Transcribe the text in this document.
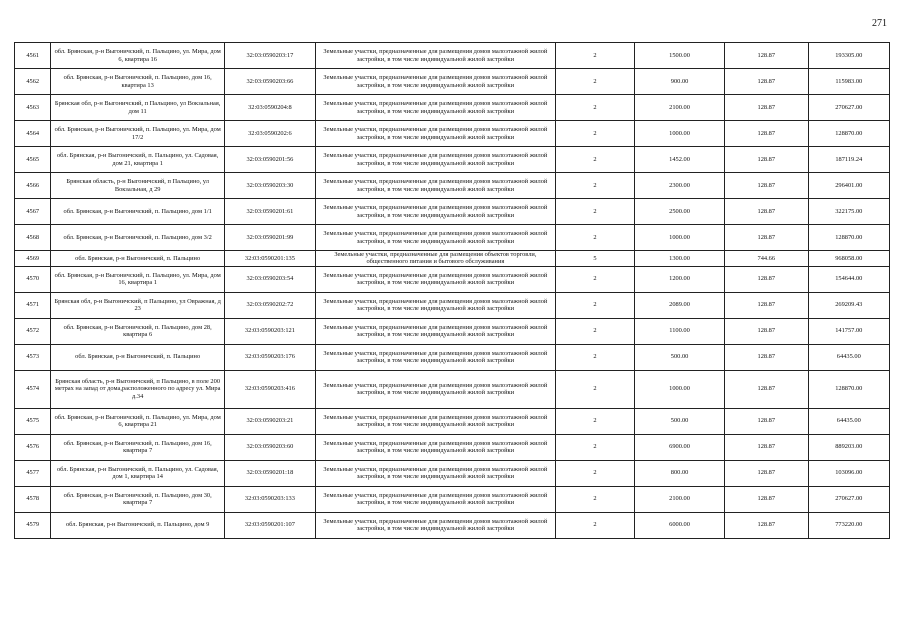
271
4561	обл. Брянская, р-н Выгоничский, п. Пальцино, ул. Мира, дом 6, квартира 16	32:03:0590203:17	Земельные участки, предназначенные для размещения домов малоэтажной жилой застройки, в том числе индивидуальной жилой застройки	2	1500.00	128.87	193305.00
4562	обл. Брянская, р-н Выгоничский, п. Пальцино, дом 16, квартира 13	32:03:0590203:66	Земельные участки, предназначенные для размещения домов малоэтажной жилой застройки, в том числе индивидуальной жилой застройки	2	900.00	128.87	115983.00
4563	Брянская обл, р-н Выгоничский, п Пальцино, ул Вокзальная, дом 11	32:03:0590204:8	Земельные участки, предназначенные для размещения домов малоэтажной жилой застройки, в том числе индивидуальной жилой застройки	2	2100.00	128.87	270627.00
4564	обл. Брянская, р-н Выгоничский, п. Пальцино, ул. Мира, дом 17/2	32:03:0590202:6	Земельные участки, предназначенные для размещения домов малоэтажной жилой застройки, в том числе индивидуальной жилой застройки	2	1000.00	128.87	128870.00
4565	обл. Брянская, р-н Выгоничский, п. Пальцино, ул. Садовая, дом 21, квартира 1	32:03:0590201:56	Земельные участки, предназначенные для размещения домов малоэтажной жилой застройки, в том числе индивидуальной жилой застройки	2	1452.00	128.87	187119.24
4566	Брянская область, р-н Выгоничский, п Пальцино, ул Вокзальная, д 29	32:03:0590203:30	Земельные участки, предназначенные для размещения домов малоэтажной жилой застройки, в том числе индивидуальной жилой застройки	2	2300.00	128.87	296401.00
4567	обл. Брянская, р-н Выгоничский, п. Пальцино, дом 1/1	32:03:0590201:61	Земельные участки, предназначенные для размещения домов малоэтажной жилой застройки, в том числе индивидуальной жилой застройки	2	2500.00	128.87	322175.00
4568	обл. Брянская, р-н Выгоничский, п. Пальцино, дом 3/2	32:03:0590201:99	Земельные участки, предназначенные для размещения домов малоэтажной жилой застройки, в том числе индивидуальной жилой застройки	2	1000.00	128.87	128870.00
4569	обл. Брянская, р-н Выгоничский, п. Пальцино	32:03:0590201:135	Земельные участки, предназначенные для размещения объектов торговли, общественного питания и бытового обслуживания	5	1300.00	744.66	968058.00
4570	обл. Брянская, р-н Выгоничский, п. Пальцино, ул. Мира, дом 16, квартира 1	32:03:0590203:54	Земельные участки, предназначенные для размещения домов малоэтажной жилой застройки, в том числе индивидуальной жилой застройки	2	1200.00	128.87	154644.00
4571	Брянская обл, р-н Выгоничский, п Пальцино, ул Овражная, д 23	32:03:0590202:72	Земельные участки, предназначенные для размещения домов малоэтажной жилой застройки, в том числе индивидуальной жилой застройки	2	2089.00	128.87	269209.43
4572	обл. Брянская, р-н Выгоничский, п. Пальцино, дом 28, квартира 6	32:03:0590203:121	Земельные участки, предназначенные для размещения домов малоэтажной жилой застройки, в том числе индивидуальной жилой застройки	2	1100.00	128.87	141757.00
4573	обл. Брянская, р-н Выгоничский, п. Пальцино	32:03:0590203:176	Земельные участки, предназначенные для размещения домов малоэтажной жилой застройки, в том числе индивидуальной жилой застройки	2	500.00	128.87	64435.00
4574	Брянская область, р-н Выгоничский, п Пальцино, в поле 200 метрах на запад от дома,расположенного по адресу ул. Мира д.34	32:03:0590203:416	Земельные участки, предназначенные для размещения домов малоэтажной жилой застройки, в том числе индивидуальной жилой застройки	2	1000.00	128.87	128870.00
4575	обл. Брянская, р-н Выгоничский, п. Пальцино, ул. Мира, дом 6, квартира 21	32:03:0590203:21	Земельные участки, предназначенные для размещения домов малоэтажной жилой застройки, в том числе индивидуальной жилой застройки	2	500.00	128.87	64435.00
4576	обл. Брянская, р-н Выгоничский, п. Пальцино, дом 16, квартира 7	32:03:0590203:60	Земельные участки, предназначенные для размещения домов малоэтажной жилой застройки, в том числе индивидуальной жилой застройки	2	6900.00	128.87	889203.00
4577	обл. Брянская, р-н Выгоничский, п. Пальцино, ул. Садовая, дом 1, квартира 14	32:03:0590201:18	Земельные участки, предназначенные для размещения домов малоэтажной жилой застройки, в том числе индивидуальной жилой застройки	2	800.00	128.87	103096.00
4578	обл. Брянская, р-н Выгоничский, п. Пальцино, дом 30, квартира 7	32:03:0590203:133	Земельные участки, предназначенные для размещения домов малоэтажной жилой застройки, в том числе индивидуальной жилой застройки	2	2100.00	128.87	270627.00
4579	обл. Брянская, р-н Выгоничский, п. Пальцино, дом 9	32:03:0590201:107	Земельные участки, предназначенные для размещения домов малоэтажной жилой застройки, в том числе индивидуальной жилой застройки	2	6000.00	128.87	773220.00
